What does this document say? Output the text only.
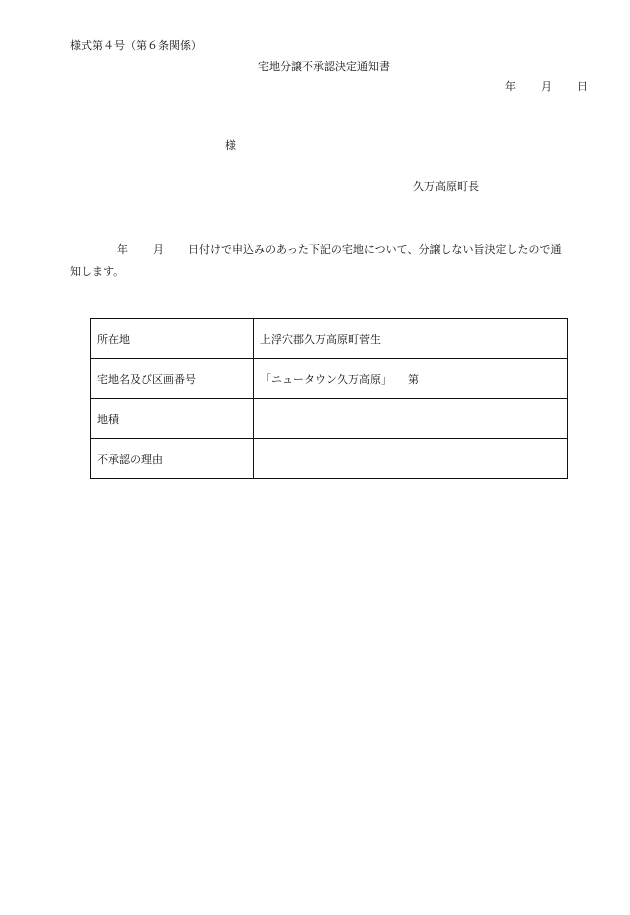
様式第４号（第６条関係）
宅地分譲不承認決定通知書
年 月 日
様
久万高原町長
年 月 日付けで申込みのあった下記の宅地について、分譲しない旨決定したので通
知します。
所在地	上浮穴郡久万高原町菅生
宅地名及び区画番号	「ニュータウン久万高原」 第
地積	
不承認の理由	
